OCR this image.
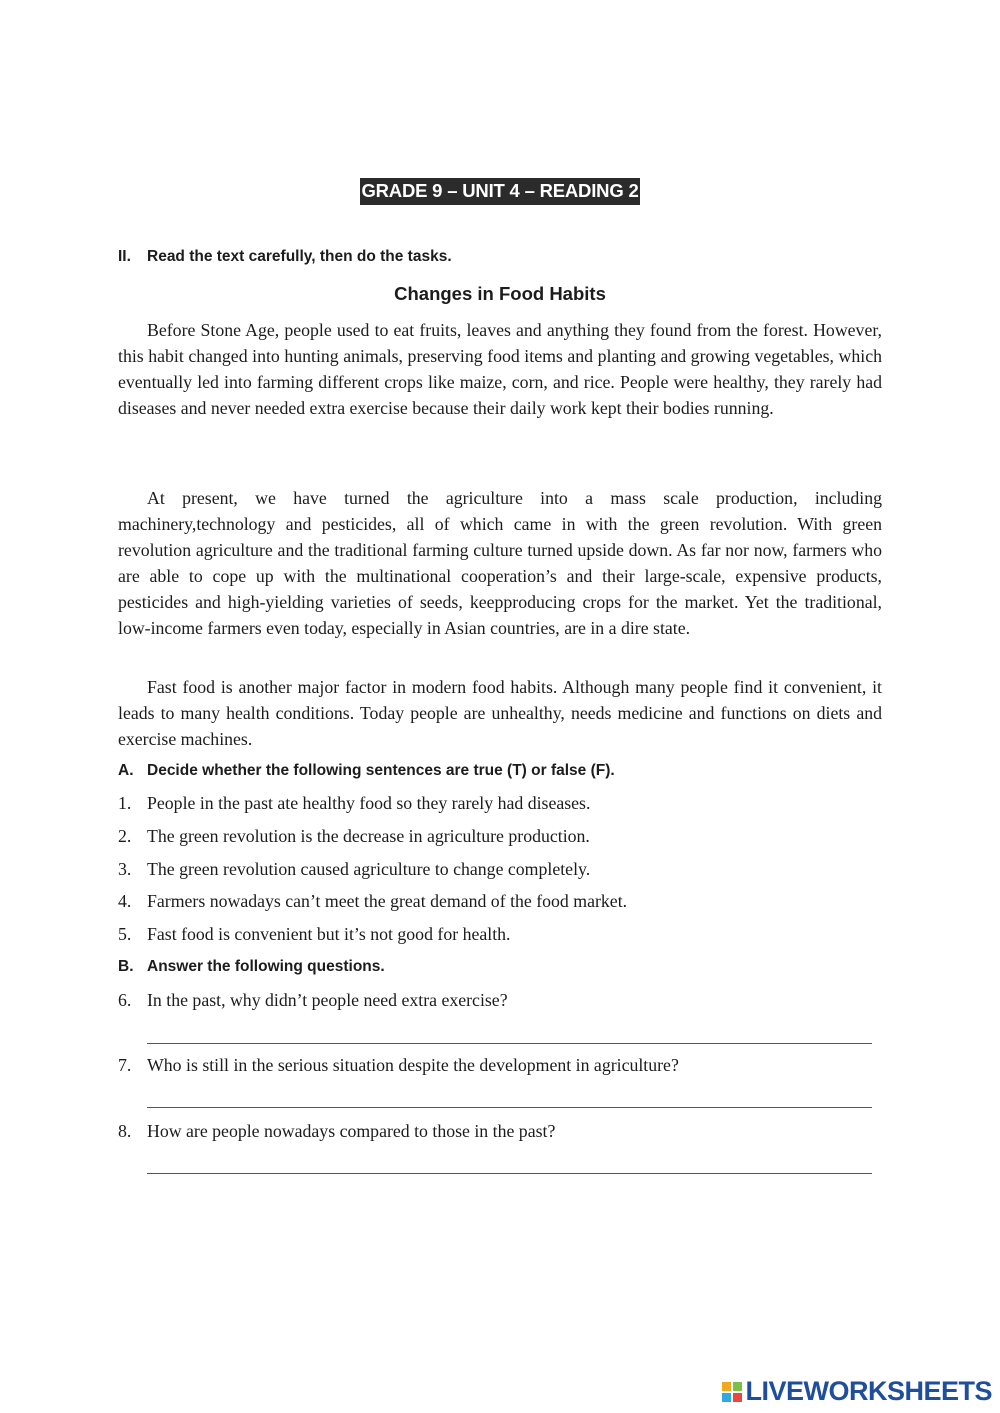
GRADE 9 – UNIT 4 – READING 2
II. Read the text carefully, then do the tasks.
Changes in Food Habits

Before Stone Age, people used to eat fruits, leaves and anything they found from the forest. However, this habit changed into hunting animals, preserving food items and planting and growing vegetables, which eventually led into farming different crops like maize, corn, and rice. People were healthy, they rarely had diseases and never needed extra exercise because their daily work kept their bodies running.

At present, we have turned the agriculture into a mass scale production, including machinery,technology and pesticides, all of which came in with the green revolution. With green revolution agriculture and the traditional farming culture turned upside down. As far nor now, farmers who are able to cope up with the multinational cooperation’s and their large-scale, expensive products, pesticides and high-yielding varieties of seeds, keepproducing crops for the market. Yet the traditional, low-income farmers even today, especially in Asian countries, are in a dire state.

Fast food is another major factor in modern food habits. Although many people find it convenient, it leads to many health conditions. Today people are unhealthy, needs medicine and functions on diets and exercise machines.

A. Decide whether the following sentences are true (T) or false (F).
1. People in the past ate healthy food so they rarely had diseases.
2. The green revolution is the decrease in agriculture production.
3. The green revolution caused agriculture to change completely.
4. Farmers nowadays can’t meet the great demand of the food market.
5. Fast food is convenient but it’s not good for health.
B. Answer the following questions.
6. In the past, why didn’t people need extra exercise?
7. Who is still in the serious situation despite the development in agriculture?
8. How are people nowadays compared to those in the past?
LIVEWORKSHEETS
